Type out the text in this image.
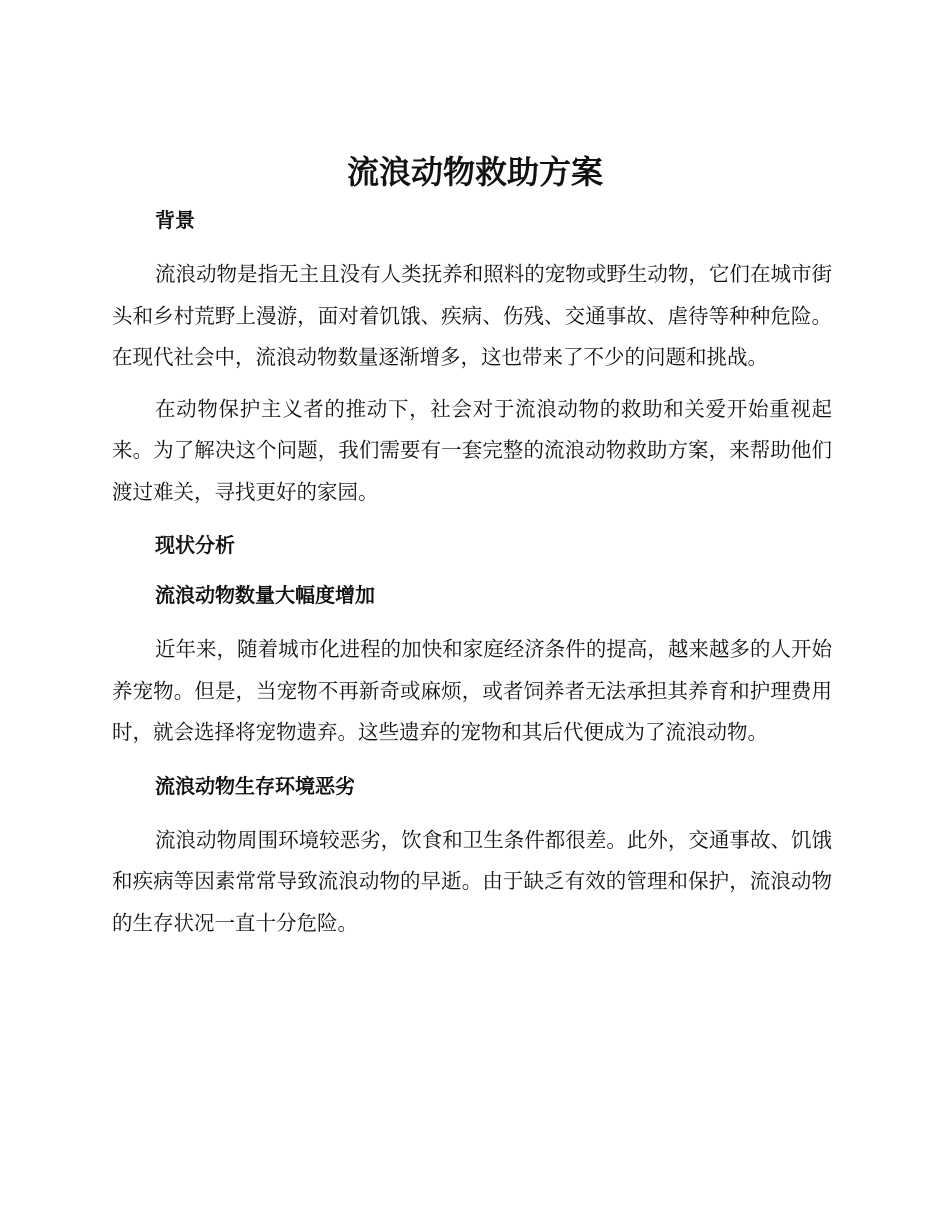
流浪动物救助方案
背景

流浪动物是指无主且没有人类抚养和照料的宠物或野生动物，它们在城市街头和乡村荒野上漫游，面对着饥饿、疾病、伤残、交通事故、虐待等种种危险。在现代社会中，流浪动物数量逐渐增多，这也带来了不少的问题和挑战。

在动物保护主义者的推动下，社会对于流浪动物的救助和关爱开始重视起来。为了解决这个问题，我们需要有一套完整的流浪动物救助方案，来帮助他们渡过难关，寻找更好的家园。

现状分析
流浪动物数量大幅度增加

近年来，随着城市化进程的加快和家庭经济条件的提高，越来越多的人开始养宠物。但是，当宠物不再新奇或麻烦，或者饲养者无法承担其养育和护理费用时，就会选择将宠物遗弃。这些遗弃的宠物和其后代便成为了流浪动物。

流浪动物生存环境恶劣

流浪动物周围环境较恶劣，饮食和卫生条件都很差。此外，交通事故、饥饿和疾病等因素常常导致流浪动物的早逝。由于缺乏有效的管理和保护，流浪动物的生存状况一直十分危险。
